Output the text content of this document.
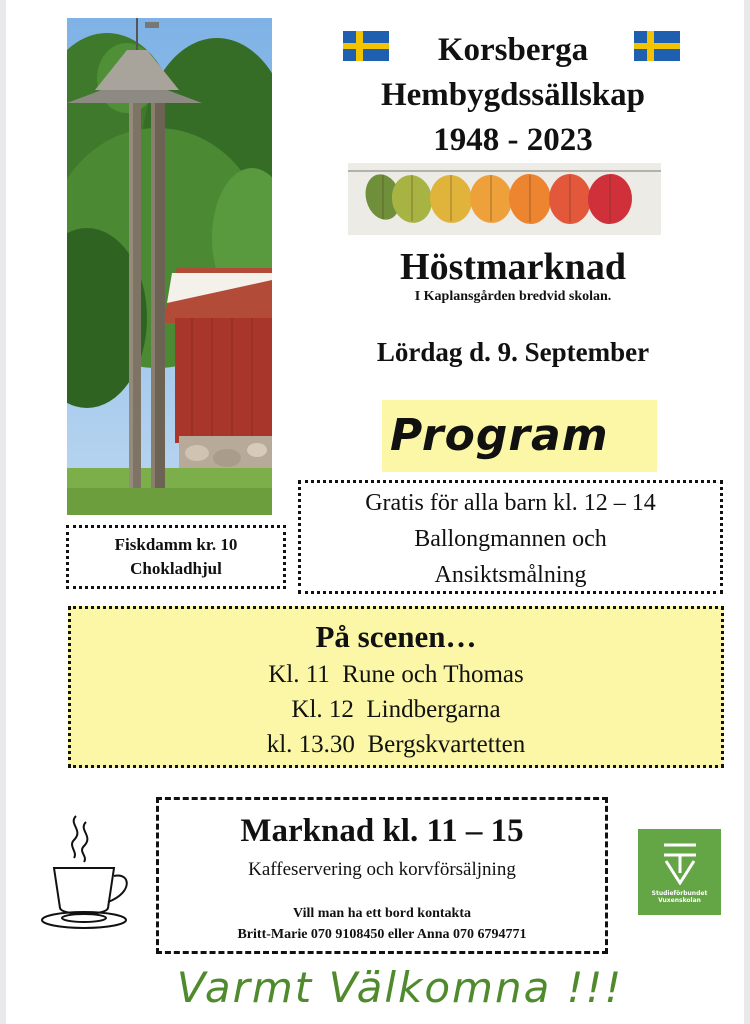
Korsberga
Hembygdssällskap
1948 - 2023
Höstmarknad
I Kaplansgården bredvid skolan.
Lördag d. 9. September
Program
Fiskdamm kr. 10
Chokladhjul
Gratis för alla barn kl. 12 – 14
Ballongmannen och
Ansiktsmålning
På scenen…
Kl. 11 Rune och Thomas
Kl. 12 Lindbergarna
kl. 13.30 Bergskvartetten
Marknad kl. 11 – 15
Kaffeservering och korvförsäljning
Vill man ha ett bord kontakta
Britt-Marie 070 9108450 eller Anna 070 6794771
Studieförbundet
Vuxenskolan
Varmt Välkomna !!!
